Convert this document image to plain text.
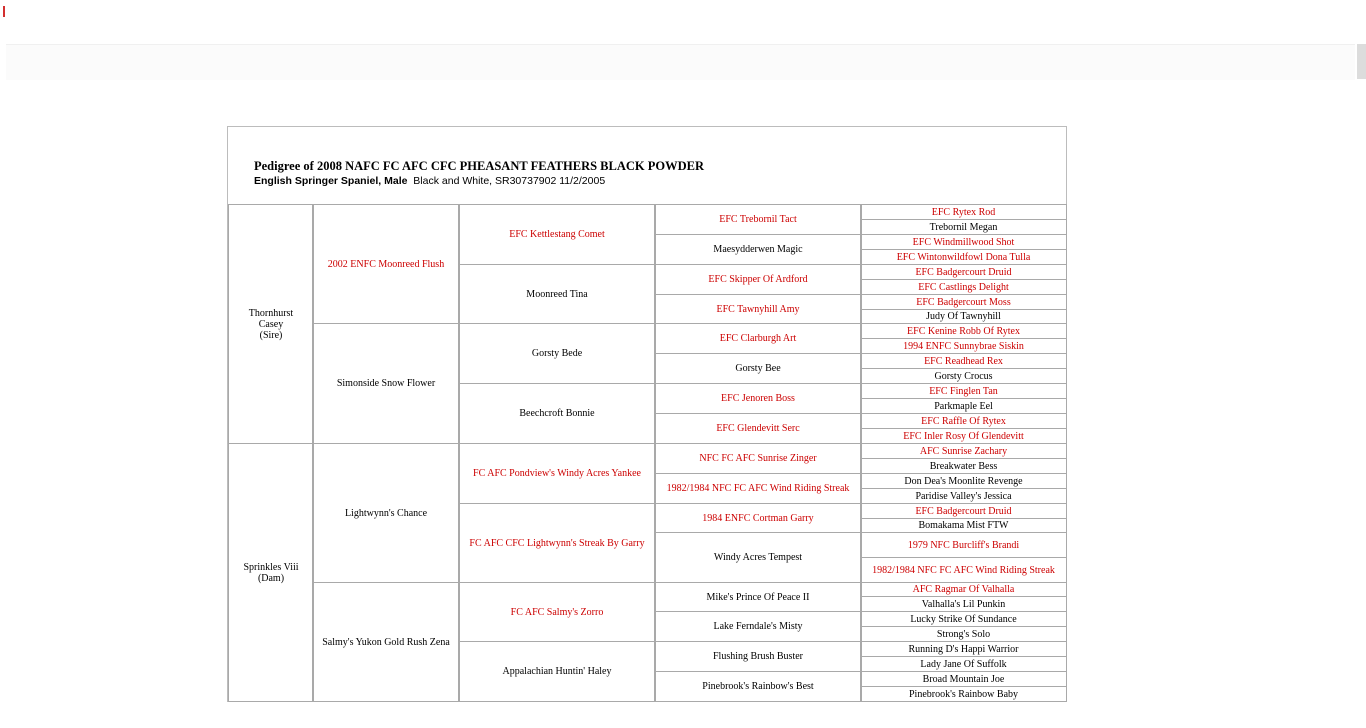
Pedigree of 2008 NAFC FC AFC CFC PHEASANT FEATHERS BLACK POWDER
English Springer Spaniel, Male Black and White, SR30737902 11/2/2005
Thornhurst Casey
(Sire)
Sprinkles Viii
(Dam)
2002 ENFC Moonreed Flush
Simonside Snow Flower
Lightwynn's Chance
Salmy's Yukon Gold Rush Zena
EFC Kettlestang Comet
Moonreed Tina
Gorsty Bede
Beechcroft Bonnie
FC AFC Pondview's Windy Acres Yankee
FC AFC CFC Lightwynn's Streak By Garry
FC AFC Salmy's Zorro
Appalachian Huntin' Haley
EFC Trebornil Tact
Maesydderwen Magic
EFC Skipper Of Ardford
EFC Tawnyhill Amy
EFC Clarburgh Art
Gorsty Bee
EFC Jenoren Boss
EFC Glendevitt Serc
NFC FC AFC Sunrise Zinger
1982/1984 NFC FC AFC Wind Riding Streak
1984 ENFC Cortman Garry
Windy Acres Tempest
Mike's Prince Of Peace II
Lake Ferndale's Misty
Flushing Brush Buster
Pinebrook's Rainbow's Best
EFC Rytex Rod
Trebornil Megan
EFC Windmillwood Shot
EFC Wintonwildfowl Dona Tulla
EFC Badgercourt Druid
EFC Castlings Delight
EFC Badgercourt Moss
Judy Of Tawnyhill
EFC Kenine Robb Of Rytex
1994 ENFC Sunnybrae Siskin
EFC Readhead Rex
Gorsty Crocus
EFC Finglen Tan
Parkmaple Eel
EFC Raffle Of Rytex
EFC Inler Rosy Of Glendevitt
AFC Sunrise Zachary
Breakwater Bess
Don Dea's Moonlite Revenge
Paridise Valley's Jessica
EFC Badgercourt Druid
Bomakama Mist FTW
1979 NFC Burcliff's Brandi
1982/1984 NFC FC AFC Wind Riding Streak
AFC Ragmar Of Valhalla
Valhalla's Lil Punkin
Lucky Strike Of Sundance
Strong's Solo
Running D's Happi Warrior
Lady Jane Of Suffolk
Broad Mountain Joe
Pinebrook's Rainbow Baby
